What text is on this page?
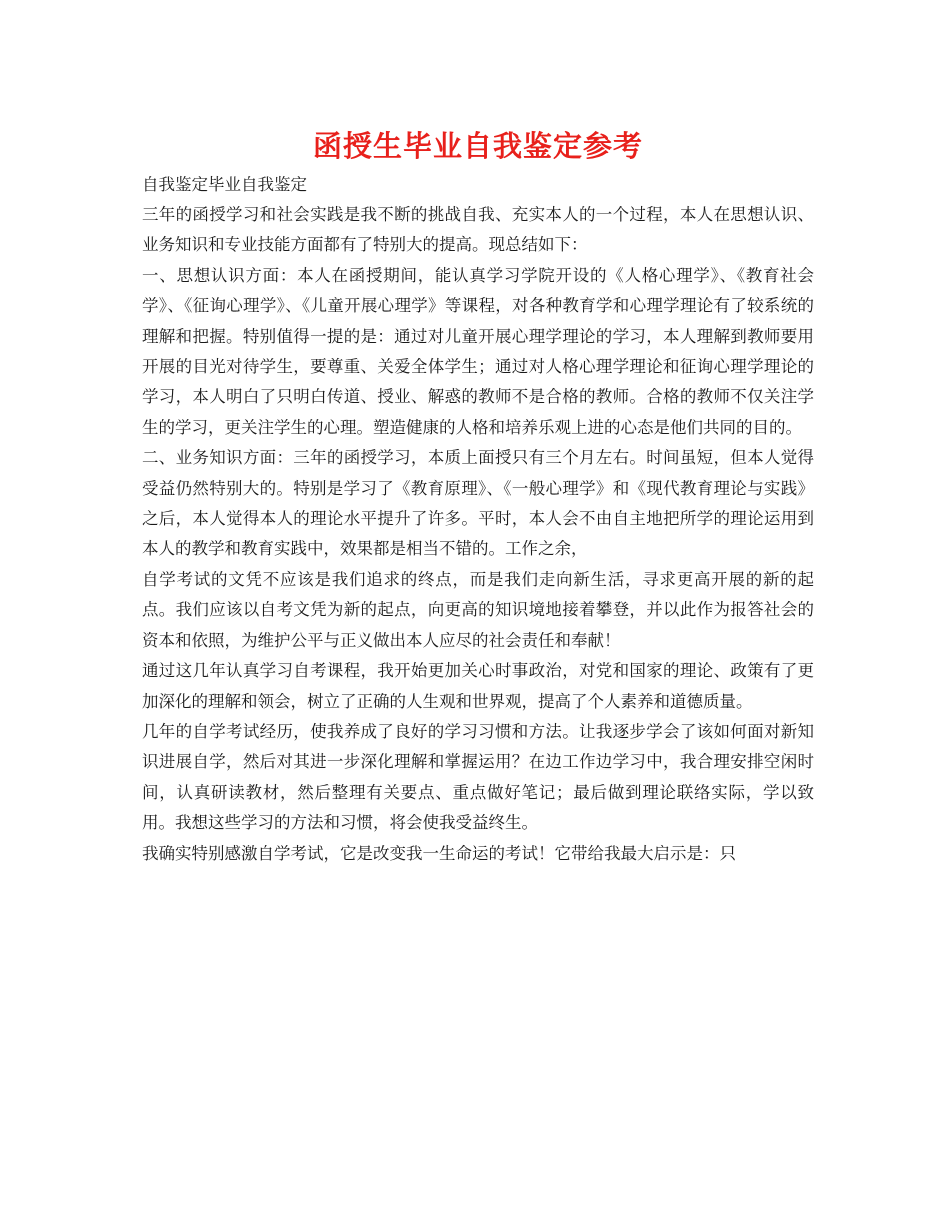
函授生毕业自我鉴定参考

自我鉴定毕业自我鉴定

三年的函授学习和社会实践是我不断的挑战自我、充实本人的一个过程，本人在思想认识、业务知识和专业技能方面都有了特别大的提高。现总结如下：

一、思想认识方面：本人在函授期间，能认真学习学院开设的《人格心理学》、《教育社会学》、《征询心理学》、《儿童开展心理学》等课程，对各种教育学和心理学理论有了较系统的理解和把握。特别值得一提的是：通过对儿童开展心理学理论的学习，本人理解到教师要用开展的目光对待学生，要尊重、关爱全体学生；通过对人格心理学理论和征询心理学理论的学习，本人明白了只明白传道、授业、解惑的教师不是合格的教师。合格的教师不仅关注学生的学习，更关注学生的心理。塑造健康的人格和培养乐观上进的心态是他们共同的目的。

二、业务知识方面：三年的函授学习，本质上面授只有三个月左右。时间虽短，但本人觉得受益仍然特别大的。特别是学习了《教育原理》、《一般心理学》和《现代教育理论与实践》之后，本人觉得本人的理论水平提升了许多。平时，本人会不由自主地把所学的理论运用到本人的教学和教育实践中，效果都是相当不错的。工作之余，

自学考试的文凭不应该是我们追求的终点，而是我们走向新生活，寻求更高开展的新的起点。我们应该以自考文凭为新的起点，向更高的知识境地接着攀登，并以此作为报答社会的资本和依照，为维护公平与正义做出本人应尽的社会责任和奉献！

通过这几年认真学习自考课程，我开始更加关心时事政治，对党和国家的理论、政策有了更加深化的理解和领会，树立了正确的人生观和世界观，提高了个人素养和道德质量。

几年的自学考试经历，使我养成了良好的学习习惯和方法。让我逐步学会了该如何面对新知识进展自学，然后对其进一步深化理解和掌握运用？在边工作边学习中，我合理安排空闲时间，认真研读教材，然后整理有关要点、重点做好笔记；最后做到理论联络实际，学以致用。我想这些学习的方法和习惯，将会使我受益终生。

我确实特别感激自学考试，它是改变我一生命运的考试！它带给我最大启示是：只
